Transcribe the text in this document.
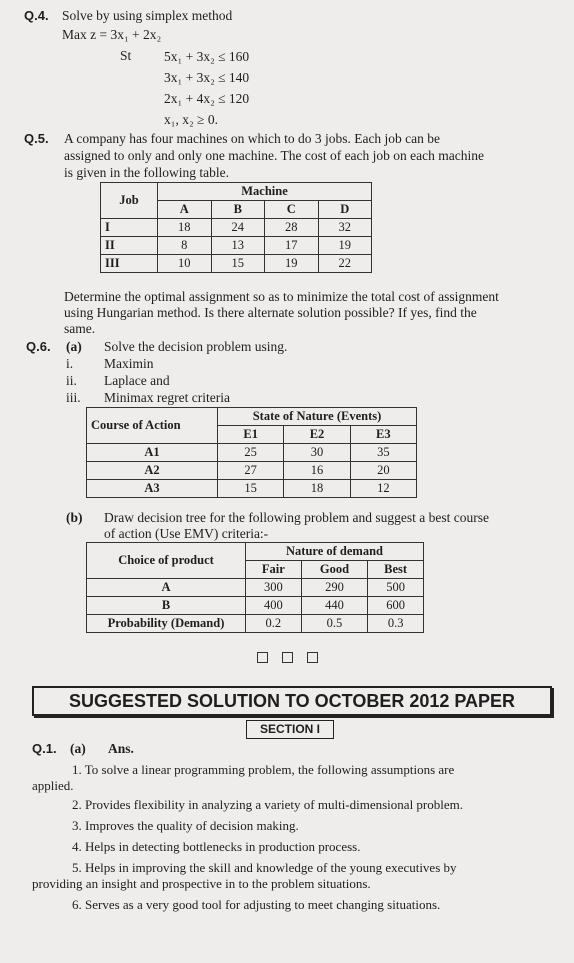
Q.4. Solve by using simplex method
Max z = 3x₁ + 2x₂
St 5x₁ + 3x₂ ≤ 160
3x₁ + 3x₂ ≤ 140
2x₁ + 4x₂ ≤ 120
x₁, x₂ ≥ 0.
Q.5. A company has four machines on which to do 3 jobs. Each job can be
assigned to only and only one machine. The cost of each job on each machine
is given in the following table.
Job	Machine			
	A	B	C	D
I	18	24	28	32
II	8	13	17	19
III	10	15	19	22
Determine the optimal assignment so as to minimize the total cost of assignment
using Hungarian method. Is there alternate solution possible? If yes, find the
same.
Q.6. (a) Solve the decision problem using.
i. Maximin
ii. Laplace and
iii. Minimax regret criteria
Course of Action	State of Nature (Events)		
	E1	E2	E3
A1	25	30	35
A2	27	16	20
A3	15	18	12
(b) Draw decision tree for the following problem and suggest a best course
of action (Use EMV) criteria:-
Choice of product	Nature of demand		
	Fair	Good	Best
A	300	290	500
B	400	440	600
Probability (Demand)	0.2	0.5	0.3
SUGGESTED SOLUTION TO OCTOBER 2012 PAPER
SECTION I
Q.1. (a) Ans.
1. To solve a linear programming problem, the following assumptions are
applied.
2. Provides flexibility in analyzing a variety of multi-dimensional problem.
3. Improves the quality of decision making.
4. Helps in detecting bottlenecks in production process.
5. Helps in improving the skill and knowledge of the young executives by
providing an insight and prospective in to the problem situations.
6. Serves as a very good tool for adjusting to meet changing situations.
